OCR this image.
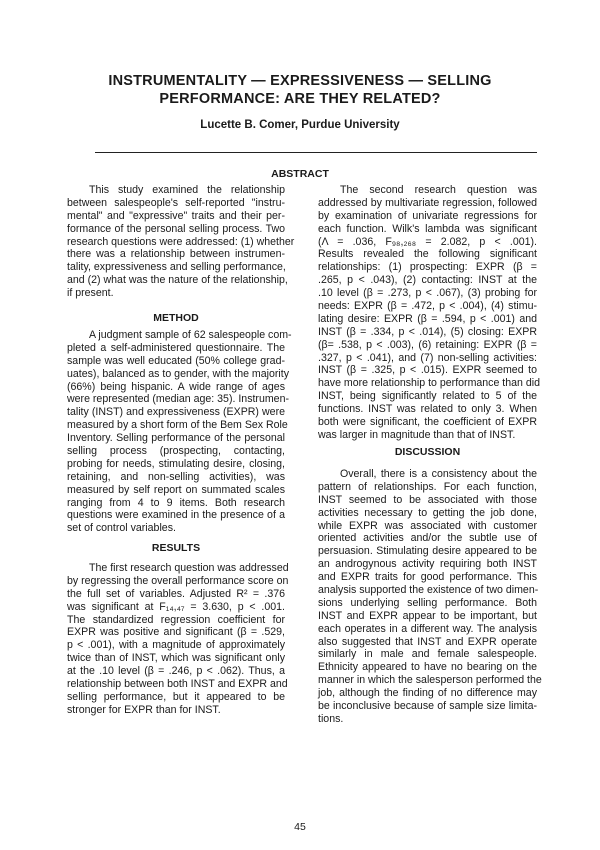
INSTRUMENTALITY — EXPRESSIVENESS — SELLING
PERFORMANCE: ARE THEY RELATED?
Lucette B. Comer, Purdue University
ABSTRACT
This study examined the relationship
between salespeople's self-reported "instru-
mental" and "expressive" traits and their per-
formance of the personal selling process. Two
research questions were addressed: (1) whether
there was a relationship between instrumen-
tality, expressiveness and selling performance,
and (2) what was the nature of the relationship,
if present.
METHOD
A judgment sample of 62 salespeople com-
pleted a self-administered questionnaire. The
sample was well educated (50% college grad-
uates), balanced as to gender, with the majority
(66%) being hispanic. A wide range of ages
were represented (median age: 35). Instrumen-
tality (INST) and expressiveness (EXPR) were
measured by a short form of the Bem Sex Role
Inventory. Selling performance of the personal
selling process (prospecting, contacting,
probing for needs, stimulating desire, closing,
retaining, and non-selling activities), was
measured by self report on summated scales
ranging from 4 to 9 items. Both research
questions were examined in the presence of a
set of control variables.
RESULTS
The first research question was addressed
by regressing the overall performance score on
the full set of variables. Adjusted R² = .376
was significant at F₁₄,₄₇ = 3.630, p < .001.
The standardized regression coefficient for
EXPR was positive and significant (β = .529,
p < .001), with a magnitude of approximately
twice than of INST, which was significant only
at the .10 level (β = .246, p < .062). Thus, a
relationship between both INST and EXPR and
selling performance, but it appeared to be
stronger for EXPR than for INST.
The second research question was
addressed by multivariate regression, followed
by examination of univariate regressions for
each function. Wilk's lambda was significant
(Λ = .036, F₉₈,₂₆₈ = 2.082, p < .001).
Results revealed the following significant
relationships: (1) prospecting: EXPR (β =
.265, p < .043), (2) contacting: INST at the
.10 level (β = .273, p < .067), (3) probing for
needs: EXPR (β = .472, p < .004), (4) stimu-
lating desire: EXPR (β = .594, p < .001) and
INST (β = .334, p < .014), (5) closing: EXPR
(β= .538, p < .003), (6) retaining: EXPR (β =
.327, p < .041), and (7) non-selling activities:
INST (β = .325, p < .015). EXPR seemed to
have more relationship to performance than did
INST, being significantly related to 5 of the
functions. INST was related to only 3. When
both were significant, the coefficient of EXPR
was larger in magnitude than that of INST.
DISCUSSION
Overall, there is a consistency about the
pattern of relationships. For each function,
INST seemed to be associated with those
activities necessary to getting the job done,
while EXPR was associated with customer
oriented activities and/or the subtle use of
persuasion. Stimulating desire appeared to be
an androgynous activity requiring both INST
and EXPR traits for good performance. This
analysis supported the existence of two dimen-
sions underlying selling performance. Both
INST and EXPR appear to be important, but
each operates in a different way. The analysis
also suggested that INST and EXPR operate
similarly in male and female salespeople.
Ethnicity appeared to have no bearing on the
manner in which the salesperson performed the
job, although the finding of no difference may
be inconclusive because of sample size limita-
tions.
45
